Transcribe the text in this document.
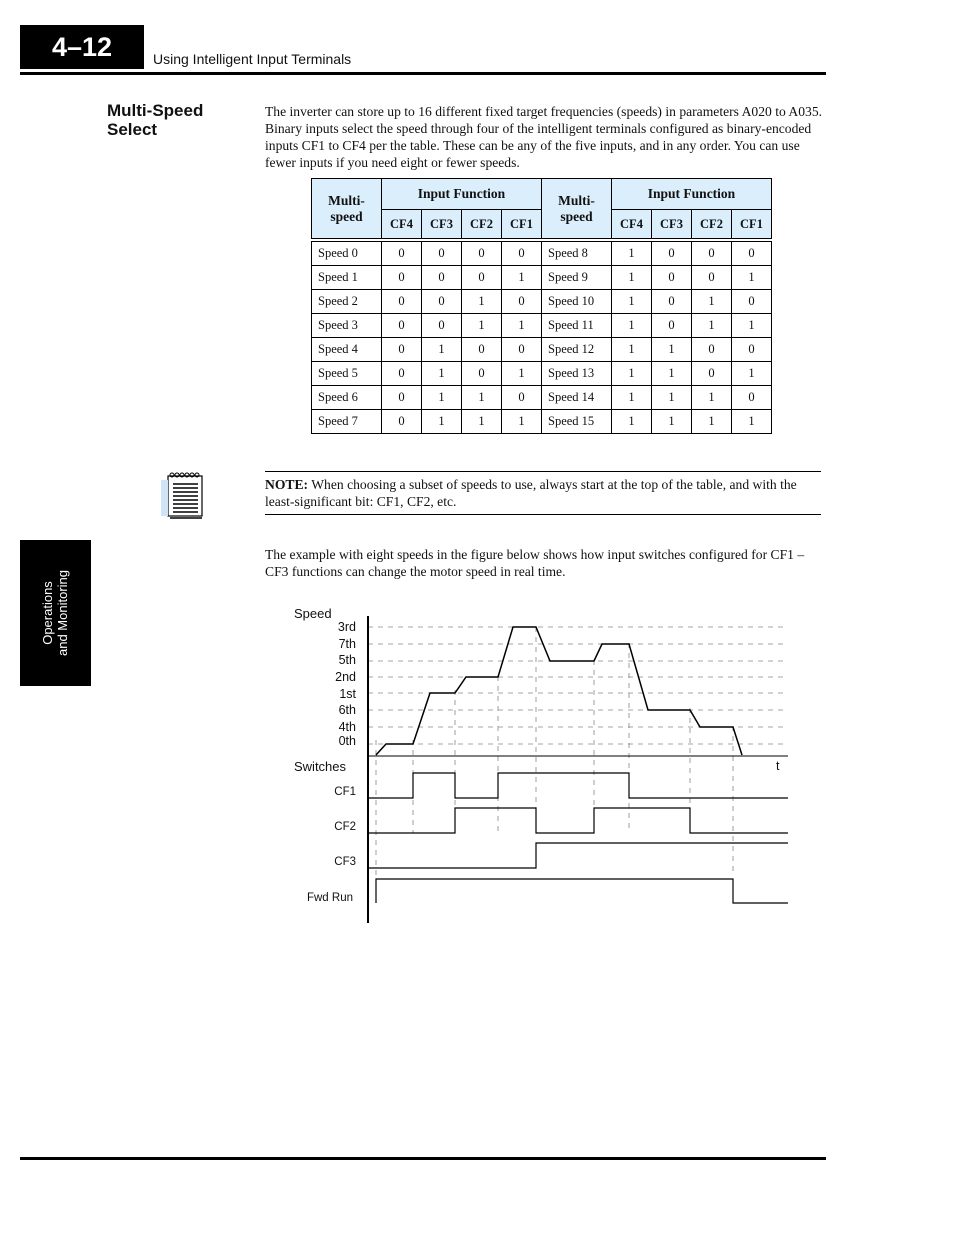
4–12	Using Intelligent Input Terminals
Operations and Monitoring
Multi-Speed
Select

The inverter can store up to 16 different fixed target frequencies (speeds) in parameters A020 to A035. Binary inputs select the speed through four of the intelligent terminals configured as binary-encoded inputs CF1 to CF4 per the table. These can be any of the five inputs, and in any order. You can use fewer inputs if you need eight or fewer speeds.

Multi-
speed	Input Function				Multi-
speed	Input Function			
	CF4	CF3	CF2	CF1		CF4	CF3	CF2	CF1

Speed 0	0	0	0	0	Speed 8	1	0	0	0
Speed 1	0	0	0	1	Speed 9	1	0	0	1
Speed 2	0	0	1	0	Speed 10	1	0	1	0
Speed 3	0	0	1	1	Speed 11	1	0	1	1
Speed 4	0	1	0	0	Speed 12	1	1	0	0
Speed 5	0	1	0	1	Speed 13	1	1	0	1
Speed 6	0	1	1	0	Speed 14	1	1	1	0
Speed 7	0	1	1	1	Speed 15	1	1	1	1
NOTE: When choosing a subset of speeds to use, always start at the top of the table, and with the least-significant bit: CF1, CF2, etc.

The example with eight speeds in the figure below shows how input switches configured for CF1 – CF3 functions can change the motor speed in real time.

Speed
3rd
7th
5th
2nd
1st
6th
4th
0th
Switches	t
CF1
CF2
CF3
Fwd Run
